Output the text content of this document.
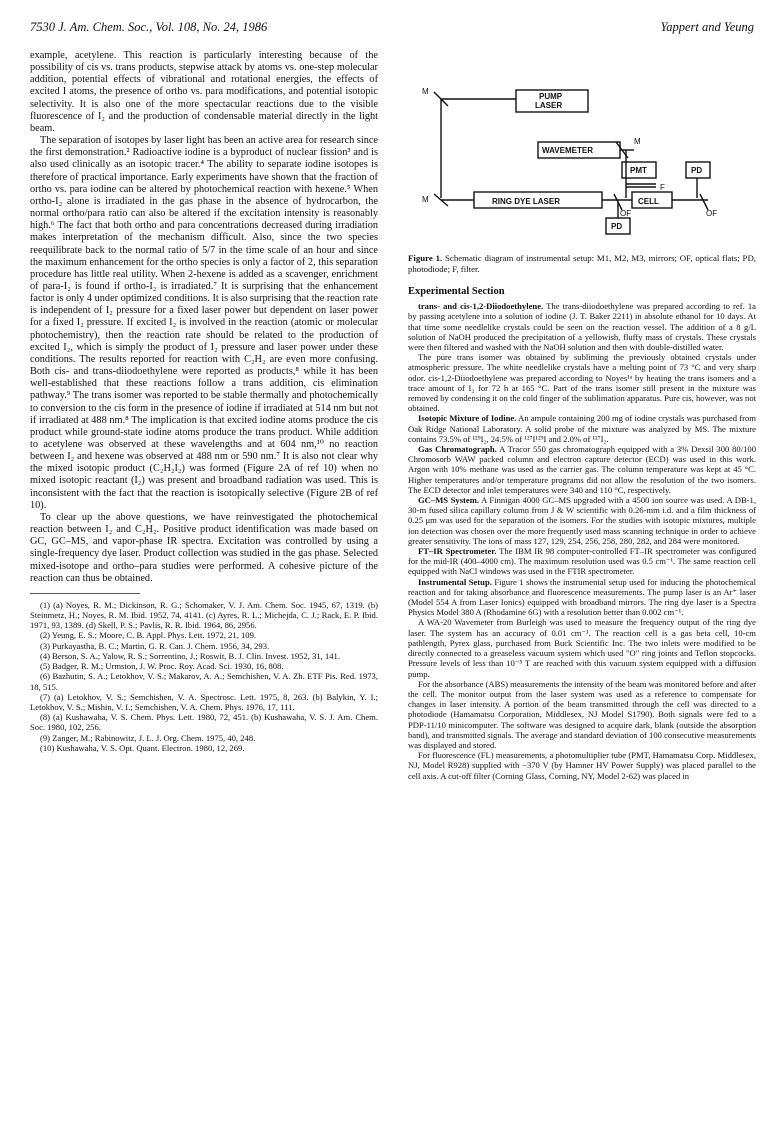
7530 J. Am. Chem. Soc., Vol. 108, No. 24, 1986	Yappert and Yeung

example, acetylene. This reaction is particularly interesting because of the possibility of cis vs. trans products, stepwise attack by atoms vs. one-step molecular addition, potential effects of vibrational and rotational energies, the effects of excited I atoms, the presence of ortho vs. para modifications, and potential isotopic selectivity. It is also one of the more spectacular reactions due to the visible fluorescence of I₂ and the production of condensable material directly in the light beam.

The separation of isotopes by laser light has been an active area for research since the first demonstration.² Radioactive iodine is a byproduct of nuclear fission³ and is also used clinically as an isotopic tracer.⁴ The ability to separate iodine isotopes is therefore of practical importance. Early experiments have shown that the fraction of ortho vs. para iodine can be altered by photochemical reaction with hexene.⁵ When ortho-I₂ alone is irradiated in the gas phase in the absence of hydrocarbon, the normal ortho/para ratio can also be altered if the excitation intensity is reasonably high.⁶ The fact that both ortho and para concentrations decreased during irradiation makes interpretation of the mechanism difficult. Also, since the two species reequilibrate back to the normal ratio of 5/7 in the time scale of an hour and since the maximum enhancement for the ortho species is only a factor of 2, this separation procedure has little real utility. When 2-hexene is added as a scavenger, enrichment of para-I₂ is found if ortho-I₂ is irradiated.⁷ It is surprising that the enhancement factor is only 4 under optimized conditions. It is also surprising that the reaction rate is independent of I₂ pressure for a fixed laser power but dependent on laser power for a fixed I₂ pressure. If excited I₂ is involved in the reaction (atomic or molecular photochemistry), then the reaction rate should be related to the production of excited I₂, which is simply the product of I₂ pressure and laser power under these conditions. The results reported for reaction with C₂H₂ are even more confusing. Both cis- and trans-diiodoethylene were reported as products,⁸ while it has been well-established that these reactions follow a trans addition, cis elimination pathway.⁹ The trans isomer was reported to be stable thermally and photochemically to conversion to the cis form in the presence of iodine if irradiated at 514 nm but not if irradiated at 488 nm.⁸ The implication is that excited iodine atoms produce the cis product while ground-state iodine atoms produce the trans product. While addition to acetylene was observed at these wavelengths and at 604 nm,¹⁰ no reaction between I₂ and hexene was observed at 488 nm or 590 nm.⁷ It is also not clear why the mixed isotopic product (C₂H₂I₂) was formed (Figure 2A of ref 10) when no mixed isotopic reactant (I₂) was present and broadband radiation was used. This is inconsistent with the fact that the reaction is isotopically selective (Figure 2B of ref 10).

To clear up the above questions, we have reinvestigated the photochemical reaction between I₂ and C₂H₂. Positive product identification was made based on GC, GC–MS, and vapor-phase IR spectra. Excitation was controlled by using a single-frequency dye laser. Product collection was studied in the gas phase. Selected mixed-isotope and ortho–para studies were performed. A cohesive picture of the reaction can thus be obtained.

(1) (a) Noyes, R. M.; Dickinson, R. G.; Schomaker, V. J. Am. Chem. Soc. 1945, 67, 1319. (b) Steinmetz, H.; Noyes, R. M. Ibid. 1952, 74, 4141. (c) Ayres, R. L.; Michejda, C. J.; Rack, E. P. Ibid. 1971, 93, 1389. (d) Skell, P. S.; Pavlis, R. R. Ibid. 1964, 86, 2956.

(2) Yeung, E. S.; Moore, C. B. Appl. Phys. Lett. 1972, 21, 109.

(3) Purkayastha, B. C.; Martin, G. R. Can. J. Chem. 1956, 34, 293.

(4) Berson, S. A.; Yalow, R. S.; Sorrentino, J.; Roswit, B. J. Clin. Invest. 1952, 31, 141.

(5) Badger, R. M.; Urmston, J. W. Proc. Roy. Acad. Sci. 1930, 16, 808.

(6) Bazhutin, S. A.; Letokhov, V. S.; Makarov, A. A.; Semchishen, V. A. Zh. ETF Pis. Red. 1973, 18, 515.

(7) (a) Letokhov, V. S.; Semchishen, V. A. Spectrosc. Lett. 1975, 8, 263. (b) Balykin, Y. I.; Letokhov, V. S.; Mishin, V. I.; Semchishen, V. A. Chem. Phys. 1976, 17, 111.

(8) (a) Kushawaha, V. S. Chem. Phys. Lett. 1980, 72, 451. (b) Kushawaha, V. S. J. Am. Chem. Soc. 1980, 102, 256.

(9) Zanger, M.; Rabinowitz, J. L. J. Org. Chem. 1975, 40, 248.

(10) Kushawaha, V. S. Opt. Quant. Electron. 1980, 12, 269.

M
PUMP
LASER
WAVEMETER
M
PMT	PD
F
M	RING DYE LASER	CELL
OF	OF
PD
Figure 1. Schematic diagram of instrumental setup: M1, M2, M3, mirrors; OF, optical flats; PD, photodiode; F, filter.
Experimental Section

trans- and cis-1,2-Diiodoethylene. The trans-diiodoethylene was prepared according to ref. 1a by passing acetylene into a solution of iodine (J. T. Baker 2211) in absolute ethanol for 10 days. At that time some needlelike crystals could be seen on the reaction vessel. The addition of a 8 g/L solution of NaOH produced the precipitation of a yellowish, fluffy mass of crystals. These crystals were then filtered and washed with the NaOH solution and then with double-distilled water.

The pure trans isomer was obtained by subliming the previously obtained crystals under atmospheric pressure. The white needlelike crystals have a melting point of 73 °C and very sharp odor. cis-1,2-Diiodoethylene was prepared according to Noyes¹ᵃ by heating the trans isomers and a trace amount of I₂ for 72 h at 165 °C. Part of the trans isomer still present in the mixture was removed by condensing it on the cold finger of the sublimation apparatus. Pure cis, however, was not obtained.

Isotopic Mixture of Iodine. An ampule containing 200 mg of iodine crystals was purchased from Oak Ridge National Laboratory. A solid probe of the mixture was analyzed by MS. The mixture contains 73.5% of ¹²⁹I₂, 24.5% of ¹²⁷I¹²⁹I and 2.0% of ¹²⁷I₂.

Gas Chromatograph. A Tracor 550 gas chromatograph equipped with a 3% Dexsil 300 80/100 Chromosorb WAW packed column and electron capture detector (ECD) was used in this work. Argon with 10% methane was used as the carrier gas. The column temperature was kept at 45 °C. Higher temperatures and/or temperature programs did not allow the resolution of the two isomers. The ECD detector and inlet temperatures were 340 and 110 °C, respectively.

GC–MS System. A Finnigan 4000 GC–MS upgraded with a 4500 ion source was used. A DB-1, 30-m fused silica capillary column from J & W scientific with 0.26-mm i.d. and a film thickness of 0.25 μm was used for the separation of the isomers. For the studies with isotopic mixtures, multiple ion detection was chosen over the more frequently used mass scanning technique in order to achieve greater sensitivity. The ions of mass 127, 129, 254, 256, 258, 280, 282, and 284 were monitored.

FT–IR Spectrometer. The IBM IR 98 computer-controlled FT–IR spectrometer was configured for the mid-IR (400–4000 cm). The maximum resolution used was 0.5 cm⁻¹. The same reaction cell equipped with NaCl windows was used in the FTIR spectrometer.

Instrumental Setup. Figure 1 shows the instrumental setup used for inducing the photochemical reaction and for taking absorbance and fluorescence measurements. The pump laser is an Ar⁺ laser (Model 554 A from Laser Ionics) equipped with broadband mirrors. The ring dye laser is a Spectra Physics Model 380 A (Rhodamine 6G) with a resolution better than 0.002 cm⁻¹.

A WA-20 Wavemeter from Burleigh was used to measure the frequency output of the ring dye laser. The system has an accuracy of 0.01 cm⁻¹. The reaction cell is a gas beta cell, 10-cm pathlength, Pyrex glass, purchased from Buck Scientific Inc. The two inlets were modified to be directly connected to a greaseless vacuum system which used "O" ring joints and Teflon stopcocks. Pressure levels of less than 10⁻⁵ T are reached with this vacuum system equipped with a diffusion pump.

For the absorbance (ABS) measurements the intensity of the beam was monitored before and after the cell. The monitor output from the laser system was used as a reference to compensate for changes in laser intensity. A portion of the beam transmitted through the cell was directed to a photodiode (Hamamatsu Corporation, Middlesex, NJ Model S1790). Both signals were fed to a PDP-11/10 minicomputer. The software was designed to acquire dark, blank (outside the absorption band), and transmitted signals. The average and standard deviation of 100 consecutive measurements was displayed and stored.

For fluorescence (FL) measurements, a photomultiplier tube (PMT, Hamamatsu Corp. Middlesex, NJ, Model R928) supplied with −370 V (by Hamner HV Power Supply) was placed parallel to the cell axis. A cut-off filter (Corning Glass, Corning, NY, Model 2-62) was placed in
